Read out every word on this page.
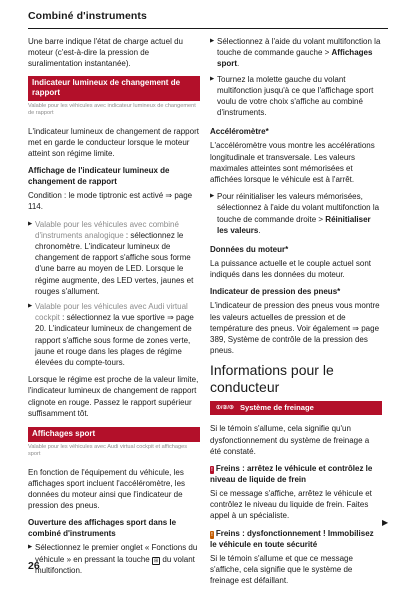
Combiné d'instruments

Une barre indique l'état de charge actuel du moteur (c'est-à-dire la pression de suralimentation instantanée).

Indicateur lumineux de changement de rapport
Valable pour les véhicules avec indicateur lumineux de changement de rapport

L'indicateur lumineux de changement de rapport met en garde le conducteur lorsque le moteur atteint son régime limite.

Affichage de l'indicateur lumineux de changement de rapport

Condition : le mode tiptronic est activé ⇒ page 114.

▶ Valable pour les véhicules avec combiné d'instruments analogique : sélectionnez le chronomètre. L'indicateur lumineux de changement de rapport s'affiche sous forme d'une barre au moyen de LED. Lorsque le régime augmente, des LED vertes, jaunes et rouges s'allument.
▶ Valable pour les véhicules avec Audi virtual cockpit : sélectionnez la vue sportive ⇒ page 20. L'indicateur lumineux de changement de rapport s'affiche sous forme de zones verte, jaune et rouge dans les plages de régime élevées du compte-tours.

Lorsque le régime est proche de la valeur limite, l'indicateur lumineux de changement de rapport clignote en rouge. Passez le rapport supérieur suffisamment tôt.

Affichages sport
Valable pour les véhicules avec Audi virtual cockpit et affichages sport

En fonction de l'équipement du véhicule, les affichages sport incluent l'accéléromètre, les données du moteur ainsi que l'indicateur de pression des pneus.

Ouverture des affichages sport dans le combiné d'instruments
▶ Sélectionnez le premier onglet « Fonctions du véhicule » en pressant la touche ⊞ du volant multifonction.
▶ Sélectionnez à l'aide du volant multifonction la touche de commande gauche > Affichages sport.
▶ Tournez la molette gauche du volant multifonction jusqu'à ce que l'affichage sport voulu de votre choix s'affiche au combiné d'instruments.
Accéléromètre*

L'accéléromètre vous montre les accélérations longitudinale et transversale. Les valeurs maximales atteintes sont mémorisées et affichées lorsque le véhicule est à l'arrêt.

▶ Pour réinitialiser les valeurs mémorisées, sélectionnez à l'aide du volant multifonction la touche de commande droite > Réinitialiser les valeurs.
Données du moteur*

La puissance actuelle et le couple actuel sont indiqués dans les données du moteur.

Indicateur de pression des pneus*

L'indicateur de pression des pneus vous montre les valeurs actuelles de pression et de température des pneus. Voir également ⇒ page 389, Système de contrôle de la pression des pneus.

Informations pour le conducteur
①/②/③ Système de freinage

Si le témoin s'allume, cela signifie qu'un dysfonctionnement du système de freinage a été constaté.

! Freins : arrêtez le véhicule et contrôlez le niveau de liquide de frein

Si ce message s'affiche, arrêtez le véhicule et contrôlez le niveau du liquide de frein. Faites appel à un spécialiste.

! Freins : dysfonctionnement ! Immobilisez le véhicule en toute sécurité

Si le témoin s'allume et que ce message s'affiche, cela signifie que le système de freinage est défaillant.

▶
26
